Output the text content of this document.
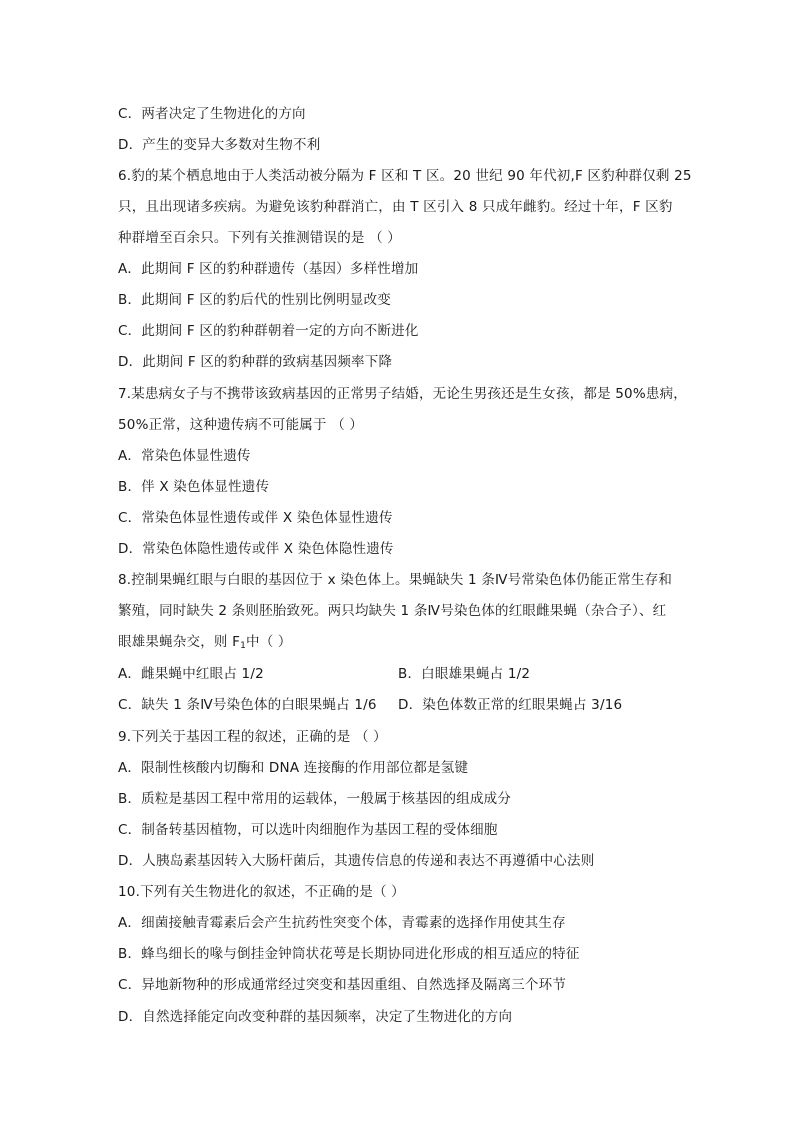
C．两者决定了生物进化的方向
D．产生的变异大多数对生物不利
6.豹的某个栖息地由于人类活动被分隔为 F 区和 T 区。20 世纪 90 年代初,F 区豹种群仅剩 25
只，且出现诸多疾病。为避免该豹种群消亡，由 T 区引入 8 只成年雌豹。经过十年，F 区豹
种群增至百余只。下列有关推测错误的是 （ ）
A．此期间 F 区的豹种群遗传（基因）多样性增加
B．此期间 F 区的豹后代的性别比例明显改变
C．此期间 F 区的豹种群朝着一定的方向不断进化
D．此期间 F 区的豹种群的致病基因频率下降
7.某患病女子与不携带该致病基因的正常男子结婚，无论生男孩还是生女孩，都是 50%患病，
50%正常，这种遗传病不可能属于 （ ）
A．常染色体显性遗传
B．伴 X 染色体显性遗传
C．常染色体显性遗传或伴 X 染色体显性遗传
D．常染色体隐性遗传或伴 X 染色体隐性遗传
8.控制果蝇红眼与白眼的基因位于 x 染色体上。果蝇缺失 1 条Ⅳ号常染色体仍能正常生存和
繁殖，同时缺失 2 条则胚胎致死。两只均缺失 1 条Ⅳ号染色体的红眼雌果蝇（杂合子）、红
眼雄果蝇杂交，则 $F_1$中（ ）
A．雌果蝇中红眼占 1/2	B．白眼雄果蝇占 1/2
C．缺失 1 条Ⅳ号染色体的白眼果蝇占 1/6 D．染色体数正常的红眼果蝇占 3/16
9.下列关于基因工程的叙述，正确的是 （ ）
A．限制性核酸内切酶和 DNA 连接酶的作用部位都是氢键
B．质粒是基因工程中常用的运载体，一般属于核基因的组成成分
C．制备转基因植物，可以选叶肉细胞作为基因工程的受体细胞
D．人胰岛素基因转入大肠杆菌后，其遗传信息的传递和表达不再遵循中心法则
10.下列有关生物进化的叙述，不正确的是（ ）
A．细菌接触青霉素后会产生抗药性突变个体，青霉素的选择作用使其生存
B．蜂鸟细长的喙与倒挂金钟筒状花萼是长期协同进化形成的相互适应的特征
C．异地新物种的形成通常经过突变和基因重组、自然选择及隔离三个环节
D．自然选择能定向改变种群的基因频率，决定了生物进化的方向
